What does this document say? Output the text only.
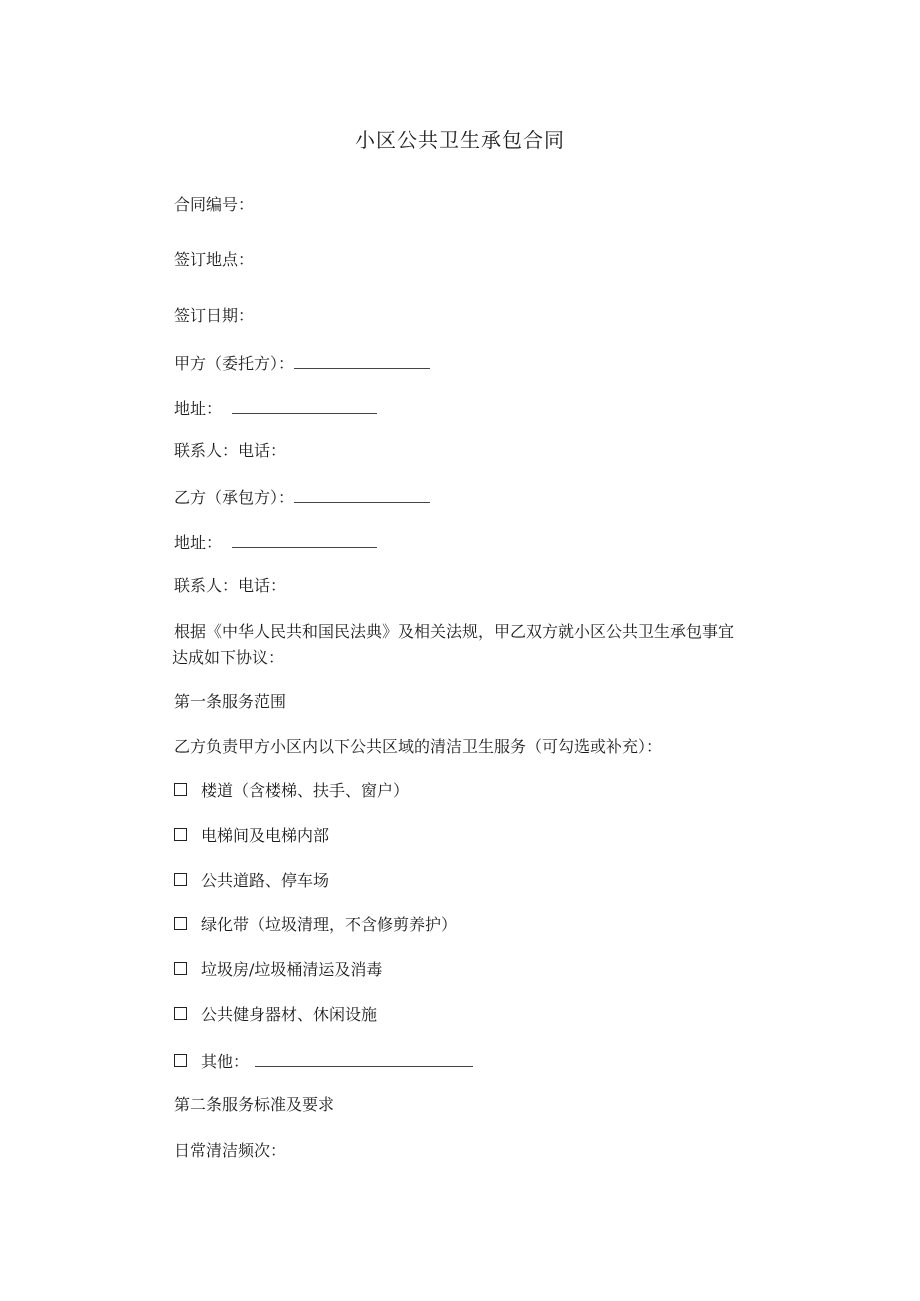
小区公共卫生承包合同
合同编号：
签订地点：
签订日期：
甲方（委托方）：
地址：
联系人：电话：
乙方（承包方）：
地址：
联系人：电话：
根据《中华人民共和国民法典》及相关法规，甲乙双方就小区公共卫生承包事宜
达成如下协议：
第一条服务范围
乙方负责甲方小区内以下公共区域的清洁卫生服务（可勾选或补充）：
楼道（含楼梯、扶手、窗户）
电梯间及电梯内部
公共道路、停车场
绿化带（垃圾清理，不含修剪养护）
垃圾房/垃圾桶清运及消毒
公共健身器材、休闲设施
其他：
第二条服务标准及要求
日常清洁频次：
